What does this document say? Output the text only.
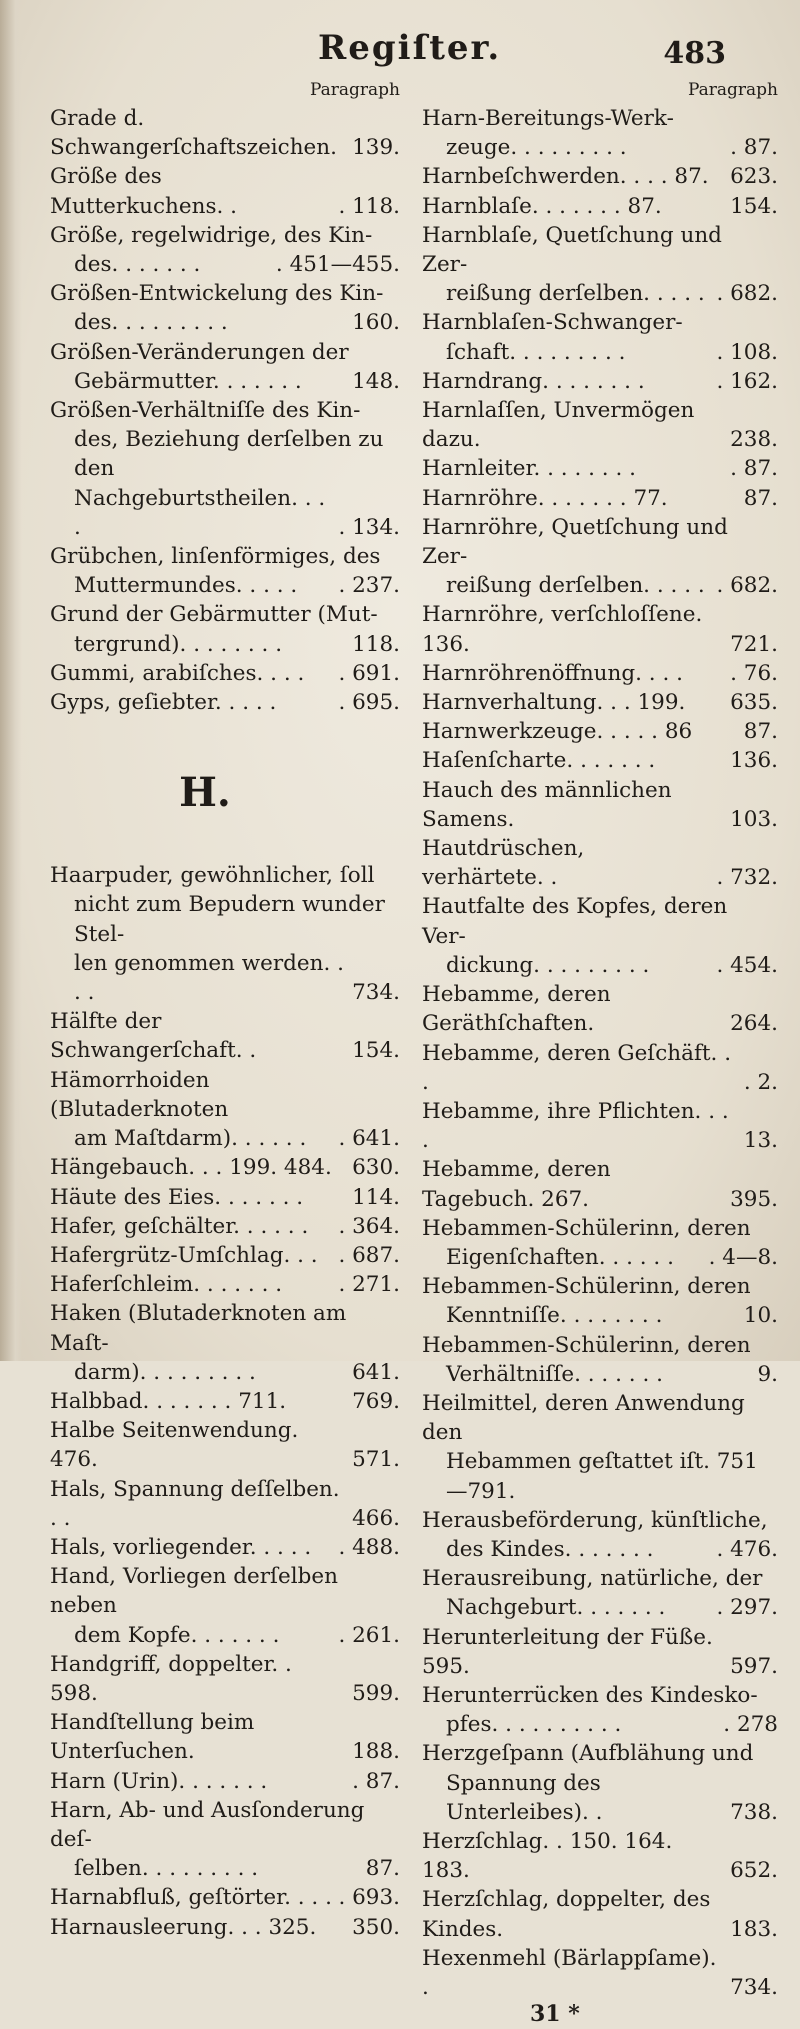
Regiſter.	483
Paragraph
Grade d. Schwangerſchaftszeichen. 139.
Größe des Mutterkuchens. .	. 118.
Größe, regelwidrige, des Kin-
des. . . . . . .	. 451—455.
Größen-Entwickelung des Kin-
des. . . . . . . . .	160.
Größen-Veränderungen der
Gebärmutter. . . . . . .	148.
Größen-Verhältniſſe des Kin-
des, Beziehung derſelben zu den
Nachgeburtstheilen. . . .	. 134.
Grübchen, linſenförmiges, des
Muttermundes. . . . .	. 237.
Grund der Gebärmutter (Mut-
tergrund). . . . . . . .	118.
Gummi, arabiſches. . . .	. 691.
Gyps, geſiebter. . . . .	. 695.
H.
Haarpuder, gewöhnlicher, ſoll
nicht zum Bepudern wunder Stel-
len genommen werden. . . .	734.
Hälfte der Schwangerſchaft. .	154.
Hämorrhoiden (Blutaderknoten
am Maſtdarm). . . . . .	. 641.
Hängebauch. . . 199. 484. 630.
Häute des Eies. . . . . . .	114.
Hafer, geſchälter. . . . . .	. 364.
Hafergrütz-Umſchlag. . . . 687.
Haferſchleim. . . . . . .	. 271.
Haken (Blutaderknoten am Maſt-
darm). . . . . . . . .	641.
Halbbad. . . . . . . 711.	769.
Halbe Seitenwendung. 476.	571.
Hals, Spannung deſſelben. . .	466.
Hals, vorliegender. . . . .	. 488.
Hand, Vorliegen derſelben neben
dem Kopfe. . . . . . .	. 261.
Handgriff, doppelter. . 598.	599.
Handſtellung beim Unterſuchen.	188.
Harn (Urin). . . . . . .	. 87.
Harn, Ab- und Ausſonderung deſ-
ſelben. . . . . . . . .	87.
Harnabfluß, geſtörter. . . . . 693.
Harnausleerung. . . 325.	350.
Paragraph
Harn-Bereitungs-Werk-
zeuge. . . . . . . . .	. 87.
Harnbeſchwerden. . . . 87. 623.
Harnblaſe. . . . . . . 87.	154.
Harnblaſe, Quetſchung und Zer-
reißung derſelben. . . . . . 682.
Harnblaſen-Schwanger-
ſchaft. . . . . . . . .	. 108.
Harndrang. . . . . . . .	. 162.
Harnlaſſen, Unvermögen dazu.	238.
Harnleiter. . . . . . . .	. 87.
Harnröhre. . . . . . . 77.	87.
Harnröhre, Quetſchung und Zer-
reißung derſelben. . . . . . 682.
Harnröhre, verſchloſſene. 136.	721.
Harnröhrenöffnung. . . .	. 76.
Harnverhaltung. . . 199.	635.
Harnwerkzeuge. . . . . 86	87.
Haſenſcharte. . . . . . .	136.
Hauch des männlichen Samens.	103.
Hautdrüschen, verhärtete. .	. 732.
Hautfalte des Kopfes, deren Ver-
dickung. . . . . . . . .	. 454.
Hebamme, deren Geräthſchaften.	264.
Hebamme, deren Geſchäft. . .	. 2.
Hebamme, ihre Pflichten. . . .	13.
Hebamme, deren Tagebuch. 267.	395.
Hebammen-Schülerinn, deren
Eigenſchaften. . . . . .	. 4—8.
Hebammen-Schülerinn, deren
Kenntniſſe. . . . . . . .	10.
Hebammen-Schülerinn, deren
Verhältniſſe. . . . . . .	9.
Heilmittel, deren Anwendung den
Hebammen geſtattet iſt. 751—791.
Herausbeförderung, künſtliche,
des Kindes. . . . . . .	. 476.
Herausreibung, natürliche, der
Nachgeburt. . . . . . .	. 297.
Herunterleitung der Füße. 595.	597.
Herunterrücken des Kindesko-
pfes. . . . . . . . . .	. 278
Herzgeſpann (Aufblähung und
Spannung des Unterleibes). .	738.
Herzſchlag. . 150. 164. 183.	652.
Herzſchlag, doppelter, des Kindes.	183.
Hexenmehl (Bärlappſame). .	734.
31 *
